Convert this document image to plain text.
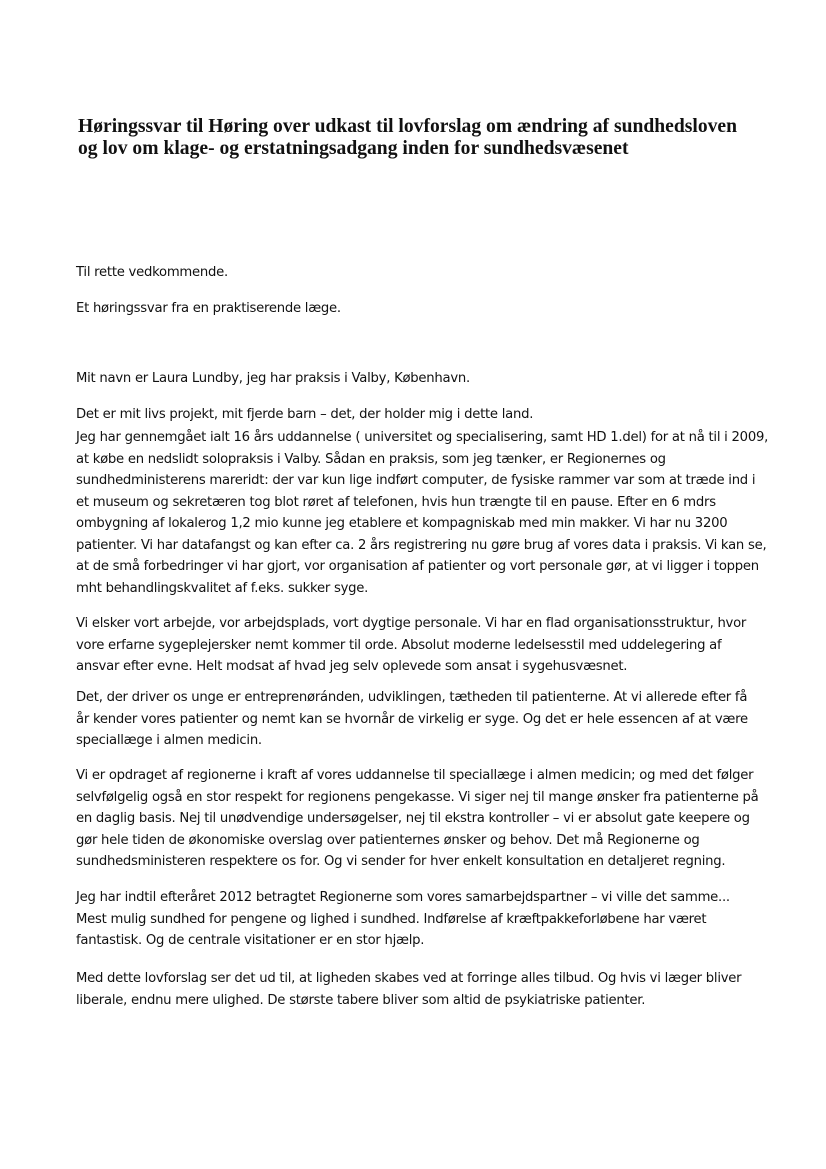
Høringssvar til Høring over udkast til lovforslag om ændring af sundhedsloven
og lov om klage- og erstatningsadgang inden for sundhedsvæsenet

Til rette vedkommende.

Et høringssvar fra en praktiserende læge.

Mit navn er Laura Lundby, jeg har praksis i Valby, København.

Det er mit livs projekt, mit fjerde barn – det, der holder mig i dette land.

Jeg har gennemgået ialt 16 års uddannelse ( universitet og specialisering, samt HD 1.del) for at nå til i 2009,
at købe en nedslidt solopraksis i Valby. Sådan en praksis, som jeg tænker, er Regionernes og
sundhedministerens mareridt: der var kun lige indført computer, de fysiske rammer var som at træde ind i
et museum og sekretæren tog blot røret af telefonen, hvis hun trængte til en pause. Efter en 6 mdrs
ombygning af lokalerog 1,2 mio kunne jeg etablere et kompagniskab med min makker. Vi har nu 3200
patienter. Vi har datafangst og kan efter ca. 2 års registrering nu gøre brug af vores data i praksis. Vi kan se,
at de små forbedringer vi har gjort, vor organisation af patienter og vort personale gør, at vi ligger i toppen
mht behandlingskvalitet af f.eks. sukker syge.
Vi elsker vort arbejde, vor arbejdsplads, vort dygtige personale. Vi har en flad organisationsstruktur, hvor
vore erfarne sygeplejersker nemt kommer til orde. Absolut moderne ledelsesstil med uddelegering af
ansvar efter evne. Helt modsat af hvad jeg selv oplevede som ansat i sygehusvæsnet.
Det, der driver os unge er entreprenøránden, udviklingen, tætheden til patienterne. At vi allerede efter få
år kender vores patienter og nemt kan se hvornår de virkelig er syge. Og det er hele essencen af at være
speciallæge i almen medicin.
Vi er opdraget af regionerne i kraft af vores uddannelse til speciallæge i almen medicin; og med det følger
selvfølgelig også en stor respekt for regionens pengekasse. Vi siger nej til mange ønsker fra patienterne på
en daglig basis. Nej til unødvendige undersøgelser, nej til ekstra kontroller – vi er absolut gate keepere og
gør hele tiden de økonomiske overslag over patienternes ønsker og behov. Det må Regionerne og
sundhedsministeren respektere os for. Og vi sender for hver enkelt konsultation en detaljeret regning.
Jeg har indtil efteråret 2012 betragtet Regionerne som vores samarbejdspartner – vi ville det samme...
Mest mulig sundhed for pengene og lighed i sundhed. Indførelse af kræftpakkeforløbene har været
fantastisk. Og de centrale visitationer er en stor hjælp.
Med dette lovforslag ser det ud til, at ligheden skabes ved at forringe alles tilbud. Og hvis vi læger bliver
liberale, endnu mere ulighed. De største tabere bliver som altid de psykiatriske patienter.
